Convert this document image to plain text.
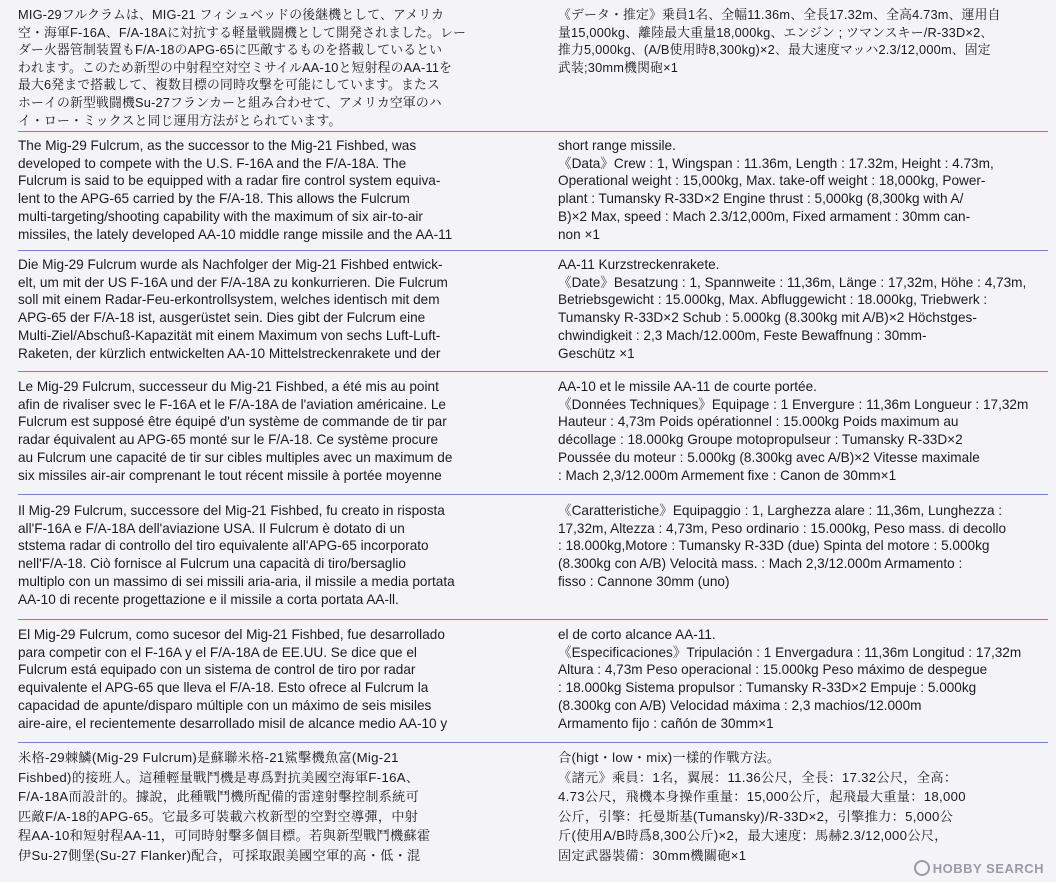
MIG-29フルクラムは、MIG-21 フィシュベッドの後継機として、アメリカ
空・海軍F-16A、F/A-18Aに対抗する軽量戦闘機として開発されました。レー
ダー火器管制装置もF/A-18のAPG-65に匹敵するものを搭載しているとい
われます。このため新型の中射程空対空ミサイルAA-10と短射程のAA-11を
最大6発まで搭載して、複数目標の同時攻撃を可能にしています。またス
ホーイの新型戦闘機Su-27フランカーと組み合わせて、アメリカ空軍のハ
イ・ロー・ミックスと同じ運用方法がとられています。

《データ・推定》乗員1名、全幅11.36m、全長17.32m、全高4.73m、運用自
量15,000kg、離陸最大重量18,000kg、エンジン ; ツマンスキー/R-33D×2、
推力5,000kg、(A/B使用時8,300kg)×2、最大速度マッハ2.3/12,000m、固定
武装;30mm機関砲×1

The Mig-29 Fulcrum, as the successor to the Mig-21 Fishbed, was
developed to compete with the U.S. F-16A and the F/A-18A. The
Fulcrum is said to be equipped with a radar fire control system equiva-
lent to the APG-65 carried by the F/A-18. This allows the Fulcrum
multi-targeting/shooting capability with the maximum of six air-to-air
missiles, the lately developed AA-10 middle range missile and the AA-11

short range missile.
《Data》Crew : 1, Wingspan : 11.36m, Length : 17.32m, Height : 4.73m,
Operational weight : 15,000kg, Max. take-off weight : 18,000kg, Power-
plant : Tumansky R-33D×2 Engine thrust : 5,000kg (8,300kg with A/
B)×2 Max, speed : Mach 2.3/12,000m, Fixed armament : 30mm can-
non ×1

Die Mig-29 Fulcrum wurde als Nachfolger der Mig-21 Fishbed entwick-
elt, um mit der US F-16A und der F/A-18A zu konkurrieren. Die Fulcrum
soll mit einem Radar-Feu-erkontrollsystem, welches identisch mit dem
APG-65 der F/A-18 ist, ausgerüstet sein. Dies gibt der Fulcrum eine
Multi-Ziel/Abschuß-Kapazität mit einem Maximum von sechs Luft-Luft-
Raketen, der kürzlich entwickelten AA-10 Mittelstreckenrakete und der

AA-11 Kurzstreckenrakete.
《Date》Besatzung : 1, Spannweite : 11,36m, Länge : 17,32m, Höhe : 4,73m,
Betriebsgewicht : 15.000kg, Max. Abfluggewicht : 18.000kg, Triebwerk :
Tumansky R-33D×2 Schub : 5.000kg (8.300kg mit A/B)×2 Höchstges-
chwindigkeit : 2,3 Mach/12.000m, Feste Bewaffnung : 30mm-
Geschütz ×1

Le Mig-29 Fulcrum, successeur du Mig-21 Fishbed, a été mis au point
afin de rivaliser svec le F-16A et le F/A-18A de l'aviation américaine. Le
Fulcrum est supposé être équipé d'un système de commande de tir par
radar équivalent au APG-65 monté sur le F/A-18. Ce système procure
au Fulcrum une capacité de tir sur cibles multiples avec un maximum de
six missiles air-air comprenant le tout récent missile à portée moyenne

AA-10 et le missile AA-11 de courte portée.
《Données Techniques》Equipage : 1 Envergure : 11,36m Longueur : 17,32m
Hauteur : 4,73m Poids opérationnel : 15.000kg Poids maximum au
décollage : 18.000kg Groupe motopropulseur : Tumansky R-33D×2
Poussée du moteur : 5.000kg (8.300kg avec A/B)×2 Vitesse maximale
: Mach 2,3/12.000m Armement fixe : Canon de 30mm×1

Il Mig-29 Fulcrum, successore del Mig-21 Fishbed, fu creato in risposta
all'F-16A e F/A-18A dell'aviazione USA. Il Fulcrum è dotato di un
ststema radar di controllo del tiro equivalente all'APG-65 incorporato
nell'F/A-18. Ciò fornisce al Fulcrum una capacità di tiro/bersaglio
multiplo con un massimo di sei missili aria-aria, il missile a media portata
AA-10 di recente progettazione e il missile a corta portata AA-ll.

《Caratteristiche》Equipaggio : 1, Larghezza alare : 11,36m, Lunghezza :
17,32m, Altezza : 4,73m, Peso ordinario : 15.000kg, Peso mass. di decollo
: 18.000kg,Motore : Tumansky R-33D (due) Spinta del motore : 5.000kg
(8.300kg con A/B) Velocità mass. : Mach 2,3/12.000m Armamento :
fisso : Cannone 30mm (uno)

El Mig-29 Fulcrum, como sucesor del Mig-21 Fishbed, fue desarrollado
para competir con el F-16A y el F/A-18A de EE.UU. Se dice que el
Fulcrum está equipado con un sistema de control de tiro por radar
equivalente el APG-65 que lleva el F/A-18. Esto ofrece al Fulcrum la
capacidad de apunte/disparo múltiple con un máximo de seis misiles
aire-aire, el recientemente desarrollado misil de alcance medio AA-10 y

el de corto alcance AA-11.
《Especificaciones》Tripulación : 1 Envergadura : 11,36m Longitud : 17,32m
Altura : 4,73m Peso operacional : 15.000kg Peso máximo de despegue
: 18.000kg Sistema propulsor : Tumansky R-33D×2 Empuje : 5.000kg
(8.300kg con A/B) Velocidad máxima : 2,3 machios/12.000m
Armamento fijo : cañón de 30mm×1

米格-29棘鱗(Mig-29 Fulcrum)是蘇聯米格-21鯊擊機魚富(Mig-21
Fishbed)的接班人。這種輕量戰鬥機是專爲對抗美國空海軍F-16A、
F/A-18A而設計的。據說，此種戰鬥機所配備的雷達射擊控制系統可
匹敵F/A-18的APG-65。它最多可裝載六枚新型的空對空導彈，中射
程AA-10和短射程AA-11，可同時射擊多個目標。若與新型戰鬥機蘇霍
伊Su-27側堡(Su-27 Flanker)配合，可採取跟美國空軍的高・低・混

合(higt・low・mix)一樣的作戰方法。
《諸元》乘員：1名，翼展：11.36公尺，全長：17.32公尺，全高：
4.73公尺，飛機本身操作重量：15,000公斤，起飛最大重量：18,000
公斤，引擎：托曼斯基(Tumansky)/R-33D×2，引擎推力：5,000公
斤(使用A/B時爲8,300公斤)×2，最大速度：馬赫2.3/12,000公尺，
固定武器裝備：30mm機關砲×1

HOBBY SEARCH
